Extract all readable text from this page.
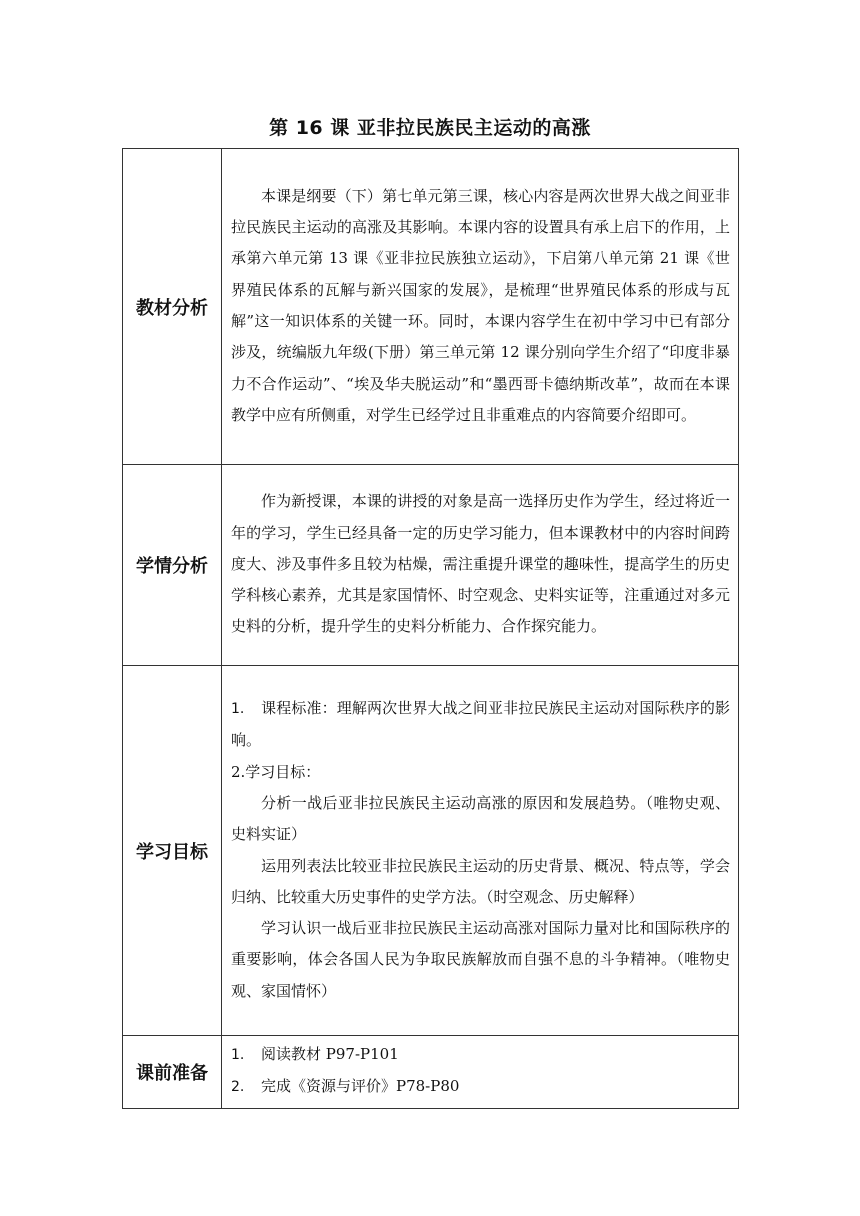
第 16 课 亚非拉民族民主运动的高涨
教材分析	本课是纲要（下）第七单元第三课，核心内容是两次世界大战之间亚非拉民族民主运动的高涨及其影响。本课内容的设置具有承上启下的作用，上承第六单元第 13 课《亚非拉民族独立运动》，下启第八单元第 21 课《世界殖民体系的瓦解与新兴国家的发展》，是梳理“世界殖民体系的形成与瓦解”这一知识体系的关键一环。同时，本课内容学生在初中学习中已有部分涉及，统编版九年级(下册）第三单元第 12 课分别向学生介绍了“印度非暴力不合作运动”、“埃及华夫脱运动”和“墨西哥卡德纳斯改革”，故而在本课教学中应有所侧重，对学生已经学过且非重难点的内容简要介绍即可。

学情分析	作为新授课，本课的讲授的对象是高一选择历史作为学生，经过将近一年的学习，学生已经具备一定的历史学习能力，但本课教材中的内容时间跨度大、涉及事件多且较为枯燥，需注重提升课堂的趣味性，提高学生的历史学科核心素养，尤其是家国情怀、时空观念、史料实证等，注重通过对多元史料的分析，提升学生的史料分析能力、合作探究能力。

学习目标	1. 课程标准：理解两次世界大战之间亚非拉民族民主运动对国际秩序的影响。

2.学习目标：

分析一战后亚非拉民族民主运动高涨的原因和发展趋势。（唯物史观、史料实证）

运用列表法比较亚非拉民族民主运动的历史背景、概况、特点等，学会归纳、比较重大历史事件的史学方法。（时空观念、历史解释）

学习认识一战后亚非拉民族民主运动高涨对国际力量对比和国际秩序的重要影响，体会各国人民为争取民族解放而自强不息的斗争精神。（唯物史观、家国情怀）

课前准备	1. 阅读教材 P97-P101

2. 完成《资源与评价》P78-P80
